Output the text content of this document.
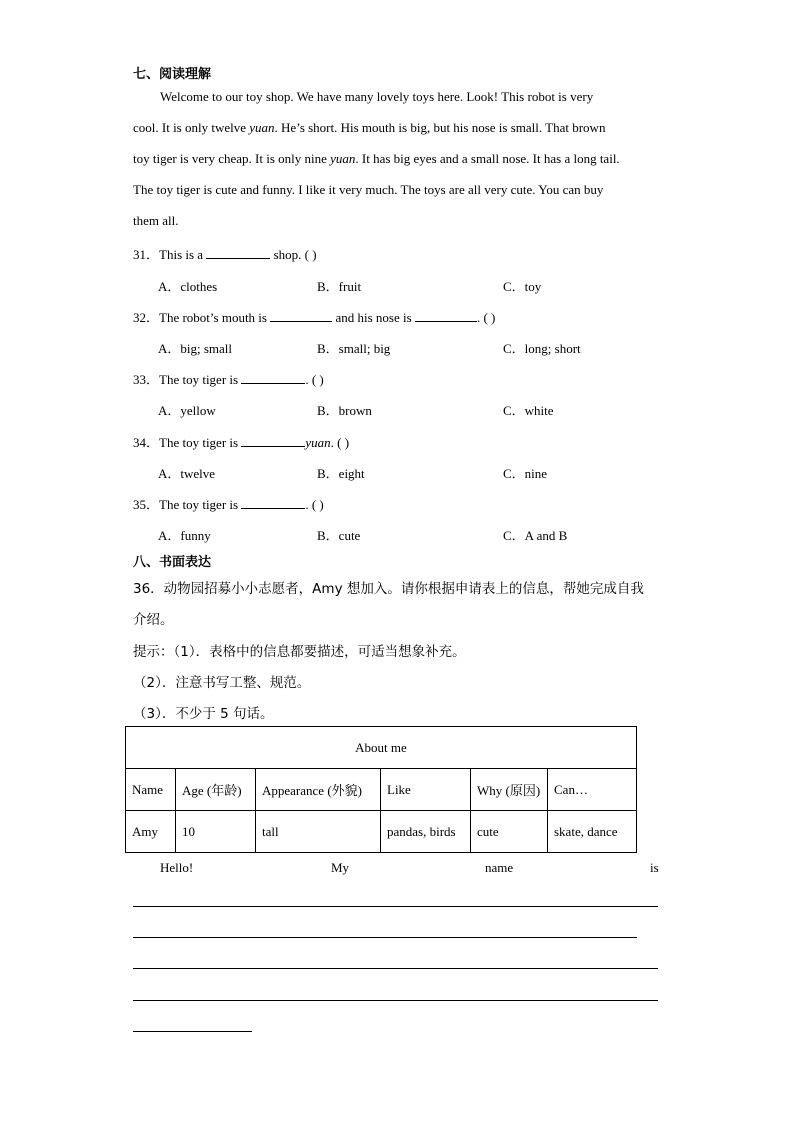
七、阅读理解
Welcome to our toy shop. We have many lovely toys here. Look! This robot is very
cool. It is only twelve yuan. He’s short. His mouth is big, but his nose is small. That brown
toy tiger is very cheap. It is only nine yuan. It has big eyes and a small nose. It has a long tail.
The toy tiger is cute and funny. I like it very much. The toys are all very cute. You can buy
them all.
31．This is a	shop. ( )
A．clothes	B．fruit	C．toy
32．The robot’s mouth is	and his nose is	. ( )
A．big; small	B．small; big	C．long; short
33．The toy tiger is	. ( )
A．yellow	B．brown	C．white
34．The toy tiger is	yuan. ( )
A．twelve	B．eight	C．nine
35．The toy tiger is	. ( )
A．funny	B．cute	C．A and B
八、书面表达
36．动物园招募小小志愿者，Amy 想加入。请你根据申请表上的信息，帮她完成自我
介绍。
提示：（1）．表格中的信息都要描述，可适当想象补充。
（2）．注意书写工整、规范。
（3）．不少于 5 句话。
About me					
Name	Age (年龄)	Appearance (外貌)	Like	Why (原因)	Can…
Amy	10	tall	pandas, birds	cute	skate, dance
Hello!	My	name	is
